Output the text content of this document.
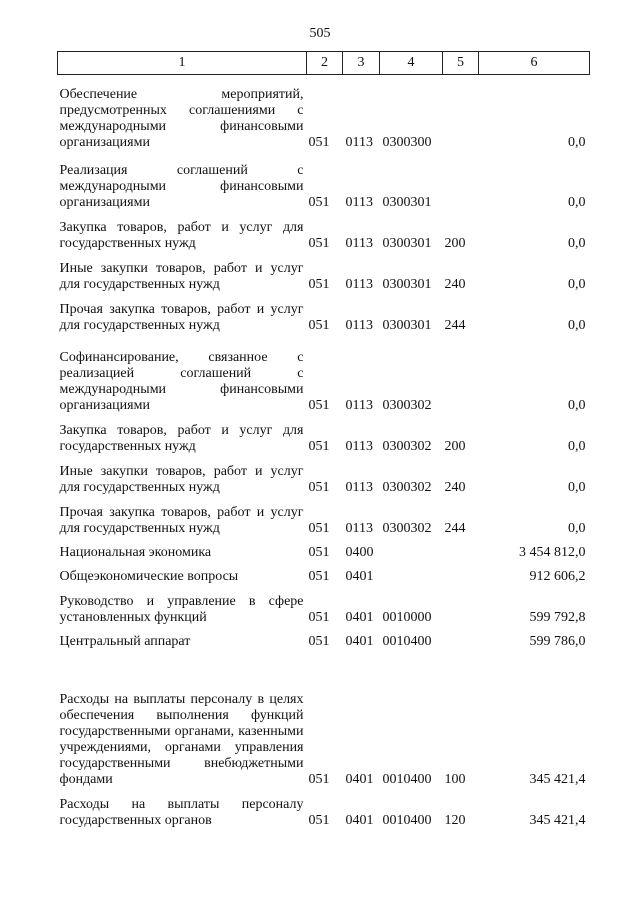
505
1	2	3	4	5	6
Обеспечение мероприятий, предусмотренных соглашениями с международными финансовыми организациями	051	0113	0300300		0,0
Реализация соглашений с международными финансовыми организациями	051	0113	0300301		0,0
Закупка товаров, работ и услуг для государственных нужд	051	0113	0300301	200	0,0
Иные закупки товаров, работ и услуг для государственных нужд	051	0113	0300301	240	0,0
Прочая закупка товаров, работ и услуг для государственных нужд	051	0113	0300301	244	0,0
Софинансирование, связанное с реализацией соглашений с международными финансовыми организациями	051	0113	0300302		0,0
Закупка товаров, работ и услуг для государственных нужд	051	0113	0300302	200	0,0
Иные закупки товаров, работ и услуг для государственных нужд	051	0113	0300302	240	0,0
Прочая закупка товаров, работ и услуг для государственных нужд	051	0113	0300302	244	0,0
Национальная экономика	051	0400			3 454 812,0
Общеэкономические вопросы	051	0401			912 606,2
Руководство и управление в сфере установленных функций	051	0401	0010000		599 792,8
Центральный аппарат	051	0401	0010400		599 786,0
Расходы на выплаты персоналу в целях обеспечения выполнения функций государственными органами, казенными учреждениями, органами управления государственными внебюджетными фондами	051	0401	0010400	100	345 421,4
Расходы на выплаты персоналу государственных органов	051	0401	0010400	120	345 421,4
